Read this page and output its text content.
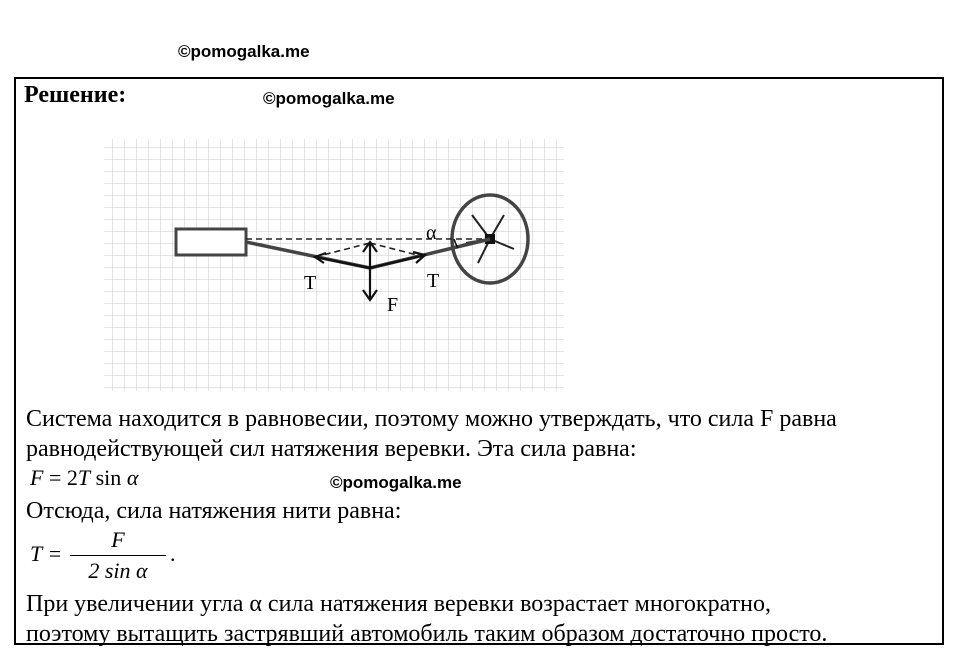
©pomogalka.me
Решение:	©pomogalka.me
α
T	T
F
Система находится в равновесии, поэтому можно утверждать, что сила F равна
равнодействующей сил натяжения веревки. Эта сила равна:
F = 2T sin α	©pomogalka.me
Отсюда, сила натяжения нити равна:
T =
F
2 sin α
.
При увеличении угла α сила натяжения веревки возрастает многократно,
поэтому вытащить застрявший автомобиль таким образом достаточно просто.
